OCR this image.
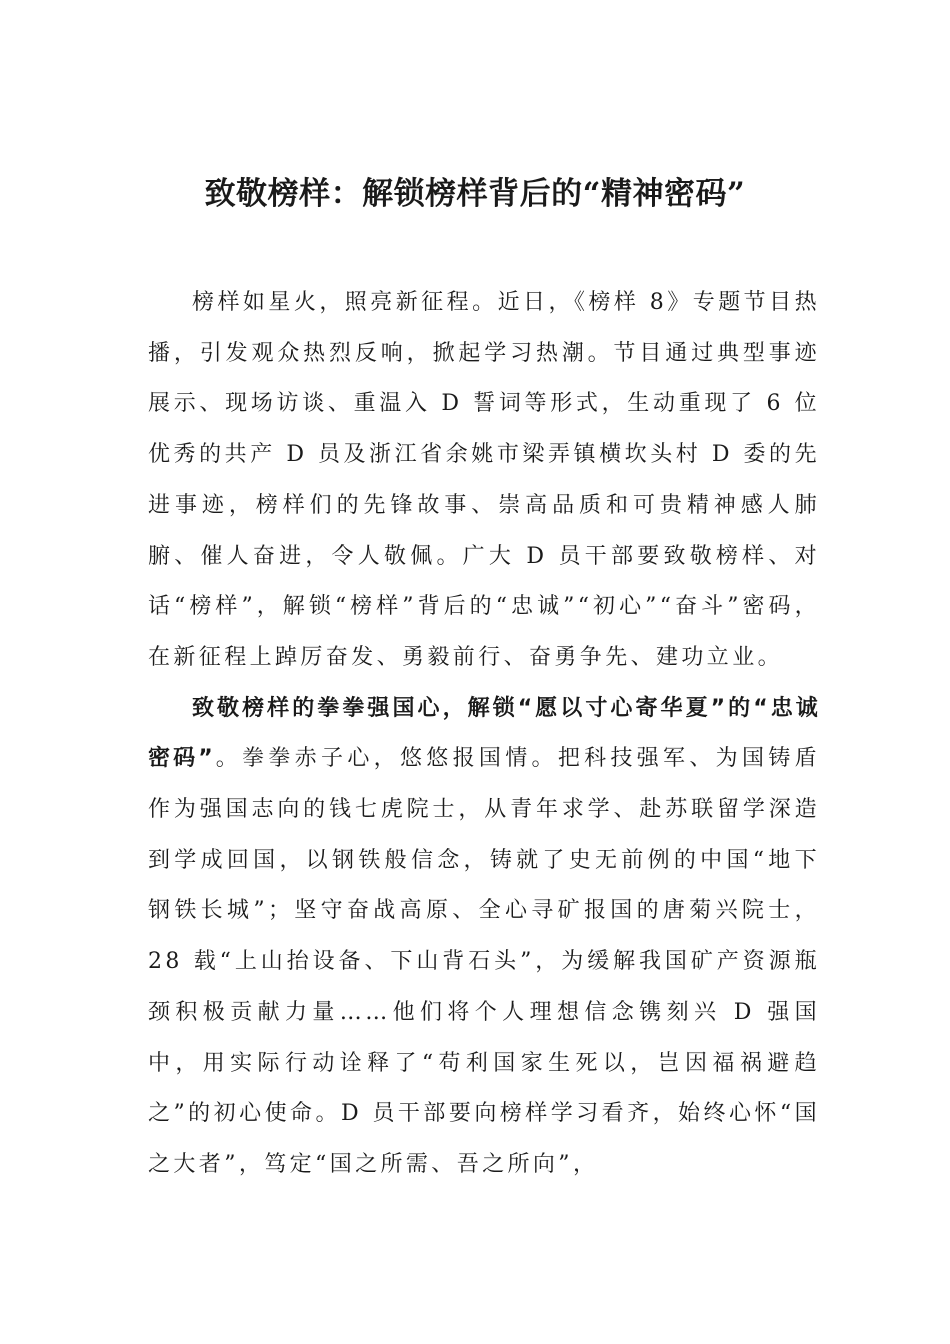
致敬榜样：解锁榜样背后的“精神密码”

榜样如星火，照亮新征程。近日，《榜样 8》专题节目热播，引发观众热烈反响，掀起学习热潮。节目通过典型事迹展示、现场访谈、重温入 D 誓词等形式，生动重现了 6 位优秀的共产 D 员及浙江省余姚市梁弄镇横坎头村 D 委的先进事迹，榜样们的先锋故事、崇高品质和可贵精神感人肺腑、催人奋进，令人敬佩。广大 D 员干部要致敬榜样、对话“榜样”，解锁“榜样”背后的“忠诚”“初心”“奋斗”密码，在新征程上踔厉奋发、勇毅前行、奋勇争先、建功立业。

致敬榜样的拳拳强国心，解锁“愿以寸心寄华夏”的“忠诚密码”。拳拳赤子心，悠悠报国情。把科技强军、为国铸盾作为强国志向的钱七虎院士，从青年求学、赴苏联留学深造到学成回国，以钢铁般信念，铸就了史无前例的中国“地下钢铁长城”；坚守奋战高原、全心寻矿报国的唐菊兴院士，28 载“上山抬设备、下山背石头”，为缓解我国矿产资源瓶颈积极贡献力量……他们将个人理想信念镌刻兴 D 强国中，用实际行动诠释了“苟利国家生死以，岂因福祸避趋之”的初心使命。D 员干部要向榜样学习看齐，始终心怀“国之大者”，笃定“国之所需、吾之所向”，
